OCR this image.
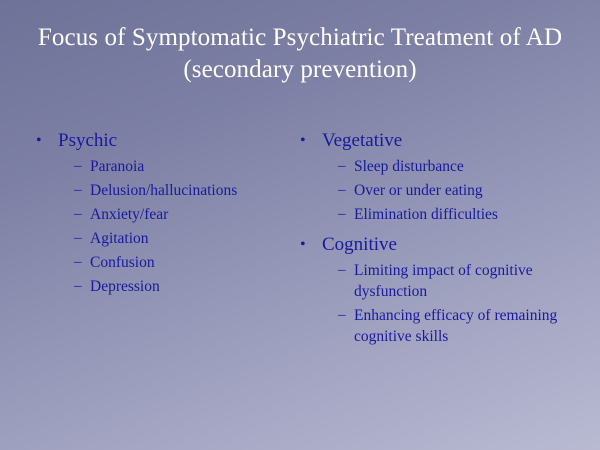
Focus of Symptomatic Psychiatric Treatment of AD (secondary prevention)
• Psychic
– Paranoia
– Delusion/hallucinations
– Anxiety/fear
– Agitation
– Confusion
– Depression
• Vegetative
– Sleep disturbance
– Over or under eating
– Elimination difficulties
• Cognitive
– Limiting impact of cognitive dysfunction
– Enhancing efficacy of remaining cognitive skills
